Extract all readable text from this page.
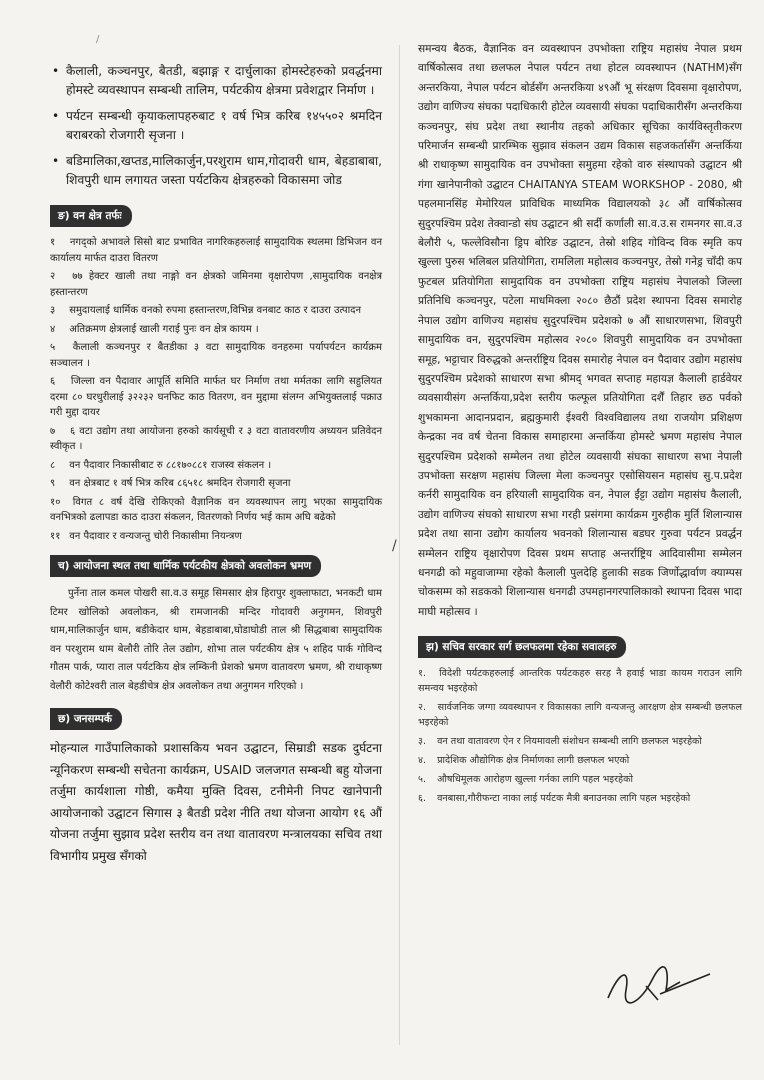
• कैलाली, कञ्चनपुर, बैतडी, बझाङ्ग र दार्चुलाका होमस्टेहरुको प्रवर्द्धनमा होमस्टे व्यवस्थापन सम्बन्धी तालिम, पर्यटकीय क्षेत्रमा प्रवेशद्वार निर्माण ।
• पर्यटन सम्बन्धी कृयाकलापहरुबाट १ वर्ष भित्र करिब १४५५०२ श्रमदिन बराबरको रोजगारी सृजना ।
• बडिमालिका,खप्तड,मालिकार्जुन,परशुराम धाम,गोदावरी धाम, बेहडाबाबा, शिवपुरी धाम लगायत जस्ता पर्यटकिय क्षेत्रहरुको विकासमा जोड
ङ) वन क्षेत्र तर्फः
१ नगद्को अभावले सिसो बाट प्रभावित नागरिकहरुलाई सामुदायिक स्थलमा डिभिजन वन कार्यालय मार्फत दाउरा वितरण
२ ७७ हेक्टर खाली तथा नाङ्गो वन क्षेत्रको जमिनमा वृक्षारोपण ,सामुदायिक वनक्षेत्र हस्तान्तरण
३ समुदायलाई धार्मिक वनको रुपमा हस्तान्तरण,विभिन्न वनबाट काठ र दाउरा उत्पादन
४ अतिक्रमण क्षेत्रलाई खाली गराई पुनः वन क्षेत्र कायम ।
५ कैलाली कञ्चनपुर र बैतडीका ३ वटा सामुदायिक वनहरुमा पर्यापर्यटन कार्यक्रम सञ्चालन ।
६ जिल्ला वन पैदावार आपूर्ति समिति मार्फत घर निर्माण तथा मर्मतका लागि सहुलियत दरमा ८० घरधुरीलाई ३२२३२ घनफिट काठ वितरण, वन मुद्दामा संलग्न अभियुक्तलाई पक्राउ गरी मुद्दा दायर
७ ६ वटा उद्योग तथा आयोजना हरुको कार्यसूची र ३ वटा वातावरणीय अध्ययन प्रतिवेदन स्वीकृत ।
८ वन पैदावार निकासीबाट रु ८८१७०८८१ राजस्व संकलन ।
९ वन क्षेत्रबाट १ वर्ष भित्र करिब ८६५१८ श्रमदिन रोजगारी सृजना
१० विगत ८ वर्ष देखि रोकिएको वैज्ञानिक वन व्यवस्थापन लागु भएका सामुदायिक वनभित्रको ढलापडा काठ दाउरा संकलन, वितरणको निर्णय भई काम अघि बढेको
११ वन पैदावार र वन्यजन्तु चोरी निकासीमा नियन्त्रण
च) आयोजना स्थल तथा धार्मिक पर्यटकीय क्षेत्रको अवलोकन भ्रमण

पुर्नेना ताल कमल पोखरी सा.व.उ समूह सिमसार क्षेत्र हिरापुर शुक्लाफाटा, भनकटी धाम टिमर खोलिको अवलोकन, श्री रामजानकी मन्दिर गोदावरी अनुगमन, शिवपुरी धाम,मालिकार्जुन धाम, बडीकेदार धाम, बेहडाबाबा,घोडाघोडी ताल श्री सिद्धबाबा सामुदायिक वन परशुराम धाम बेलौरी तोरि तेल उद्योग, शोभा ताल पर्यटकीय क्षेत्र ५ शहिद पार्क गोविन्द गौतम पार्क, प्यारा ताल पर्यटकिय क्षेत्र लम्किनी प्रेशको भ्रमण वातावरण भ्रमण, श्री राधाकृष्ण वेलौरी कोटेश्वरी ताल बेहडीचेत्र क्षेत्र अवलोकन तथा अनुगमन गरिएको ।

छ) जनसम्पर्क

मोहन्याल गाउँपालिकाको प्रशासकिय भवन उद्घाटन, सिम्राडी सडक दुर्घटना न्यूनिकरण सम्बन्धी सचेतना कार्यक्रम, USAID जलजगत सम्बन्धी बहु योजना तर्जुमा कार्यशाला गोष्ठी, कमैया मुक्ति दिवस, टनीमेनी निपट खानेपानी आयोजनाको उद्घाटन सिगास ३ बैतडी प्रदेश नीति तथा योजना आयोग १६ औं योजना तर्जुमा सुझाव प्रदेश स्तरीय वन तथा वातावरण मन्त्रालयका सचिव तथा विभागीय प्रमुख सँगको

समन्वय बैठक, वैज्ञानिक वन व्यवस्थापन उपभोक्ता राष्ट्रिय महासंघ नेपाल प्रथम वार्षिकोत्सव तथा छलफल नेपाल पर्यटन तथा होटल व्यवस्थापन (NATHM)सँग अन्तरकिया, नेपाल पर्यटन बोर्डसँग अन्तरकिया ४९औं भू संरक्षण दिवसमा वृक्षारोपण, उद्योग वाणिज्य संघका पदाधिकारी होटेल व्यवसायी संघका पदाधिकारीसँग अन्तरकिया कञ्चनपुर, संघ प्रदेश तथा स्थानीय तहको अधिकार सूचिका कार्यविस्तृतीकरण परिमार्जन सम्बन्धी प्रारम्भिक सुझाव संकलन उद्यम विकास सहजकर्तासँग अन्तर्किया श्री राधाकृष्ण सामुदायिक वन उपभोक्ता समुहमा रहेको वारु संस्थापको उद्घाटन श्री गंगा खानेपानीको उद्घाटन CHAITANYA STEAM WORKSHOP - 2080, श्री पहलमानसिंह मेमोरियल प्राविधिक माध्यमिक विद्यालयको ३८ औं वार्षिकोत्सव सुदुरपश्चिम प्रदेश तेक्वान्डो संघ उद्घाटन श्री सर्दी कर्णाली सा.व.उ.स रामनगर सा.व.उ बेलौरी ५, फल्लेविसौना ड्रिप बोरिङ उद्घाटन, तेस्रो शहिद गोविन्द विक स्मृति कप खुल्ला पुरुस भलिबल प्रतियोगिता, रामलिला महोत्सव कञ्चनपुर, तेस्रो गनेड्र चाँदी कप फुटबल प्रतियोगिता सामुदायिक वन उपभोक्ता राष्ट्रिय महासंघ नेपालको जिल्ला प्रतिनिधि कञ्चनपुर, पटेला माधमिक्ला २०८० छैठौं प्रदेश स्थापना दिवस समारोह नेपाल उद्योग वाणिज्य महासंघ सुदुरपश्चिम प्रदेशको ७ औं साधारणसभा, शिवपुरी सामुदायिक वन, सुदुरपश्चिम महोत्सव २०८० शिवपुरी सामुदायिक वन उपभोक्ता समूह, भट्टाचार विरुद्धको अन्तर्राष्ट्रिय दिवस समारोह नेपाल वन पैदावार उद्योग महासंघ सुदुरपश्चिम प्रदेशको साधारण सभा श्रीमद् भगवत सप्ताह महायज्ञ कैलाली हार्डवेयर व्यवसायीसंग अन्तर्किया,प्रदेश स्तरीय फल्फूल प्रतियोगिता दर्शैं तिहार छठ पर्वको शुभकामना आदानप्रदान, ब्रह्मकुमारी ईश्वरी विश्वविद्यालय तथा राजयोग प्रशिक्षण केन्द्रका नव वर्ष चेतना विकास समाहारमा अन्तर्किया होमस्टे भ्रमण महासंघ नेपाल सुदुरपश्चिम प्रदेशको सम्मेलन तथा होटेल व्यवसायी संघका साधारण सभा नेपाली उपभोक्ता सरक्षण महासंघ जिल्ला मेला कञ्चनपुर एसोसियसन महासंघ सु.प.प्रदेश कर्नरी सामुदायिक वन हरियाली सामुदायिक वन, नेपाल ईंट्टा उद्योग महासंघ कैलाली, उद्योग वाणिज्य संघको साधारण सभा गरही प्रसंगमा कार्यक्रम गुरुहीक मुर्ति शिलान्यास प्रदेश तथा साना उद्योग कार्यालय भवनको शिलान्यास बडघर गुरुवा पर्यटन प्रवर्द्धन सम्मेलन राष्ट्रिय वृक्षारोपण दिवस प्रथम सप्ताह अन्तर्राष्ट्रिय आदिवासीमा सम्मेलन धनगढी को महुवाजाग्मा रहेको कैलाली पुलदेहि हुलाकी सडक जिर्णोद्धार्वाण क्याम्पस चोकसम्म को सडकको शिलान्यास धनगढी उपमहानगरपालिकाको स्थापना दिवस भादा माघी महोत्सव ।

झ) सचिव सरकार सर्ग छलफलमा रहेका सवालहरु
१. विदेशी पर्यटकहरुलाई आन्तरिक पर्यटकहरु सरह नै हवाई भाडा कायम गराउन लागि समन्वय भइरहेको
२. सार्वजनिक जग्गा व्यवस्थापन र विकासका लागि वन्यजन्तु आरक्षण क्षेत्र सम्बन्धी छलफल भइरहेको
३. वन तथा वातावरण ऐन र नियमावली संशोधन सम्बन्धी लागि छलफल भइरहेको
४. प्रादेशिक औद्योगिक क्षेत्र निर्माणका लागी छलफल भएको
५. औषधिमूलक आरोहण खुल्ला गर्नका लागि पहल भइरहेको
६. वनबासा,गौरीफन्टा नाका लाई पर्यटक मैत्री बनाउनका लागि पहल भइरहेको
/
/
